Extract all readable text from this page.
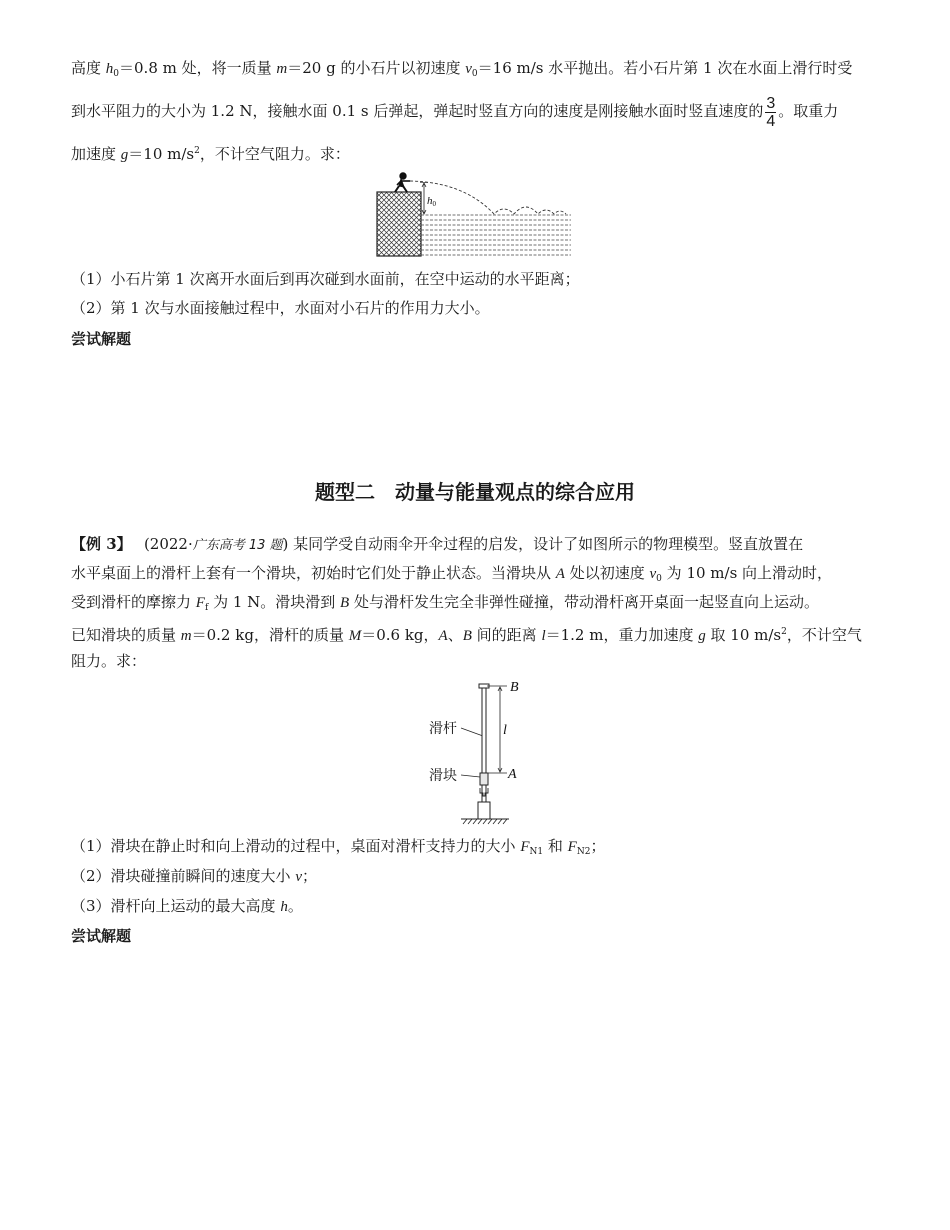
高度 $h_0=0.8$ m 处，将一质量 m＝20 g 的小石片以初速度 $v_0=16$ m/s 水平抛出。若小石片第 1 次在水面上滑行时受
到水平阻力的大小为 1.2 N，接触水面 0.1 s 后弹起，弹起时竖直方向的速度是刚接触水面时竖直速度的 $\frac{3}{4}$ 。取重力
加速度 g＝10 $m/s^2$，不计空气阻力。求：
h0
（1）小石片第 1 次离开水面后到再次碰到水面前，在空中运动的水平距离；
（2）第 1 次与水面接触过程中，水面对小石片的作用力大小。
尝试解题
题型二　动量与能量观点的综合应用
【例 3】　 (2022·广东高考 13 题) 某同学受自动雨伞开伞过程的启发，设计了如图所示的物理模型。竖直放置在
水平桌面上的滑杆上套有一个滑块，初始时它们处于静止状态。当滑块从 A 处以初速度 $v_0$ 为 10 m/s 向上滑动时，
受到滑杆的摩擦力 $F_f$ 为 1 N。滑块滑到 B 处与滑杆发生完全非弹性碰撞，带动滑杆离开桌面一起竖直向上运动。
已知滑块的质量 m＝0.2 kg，滑杆的质量 M＝0.6 kg，A、B 间的距离 l＝1.2 m，重力加速度 g 取 10 $m/s^2$，不计空气
阻力。求：
滑杆
滑块
B
A
l
（1）滑块在静止时和向上滑动的过程中，桌面对滑杆支持力的大小 $F_{N1}$ 和 $F_{N2}$；
（2）滑块碰撞前瞬间的速度大小 v；
（3）滑杆向上运动的最大高度 h。
尝试解题
